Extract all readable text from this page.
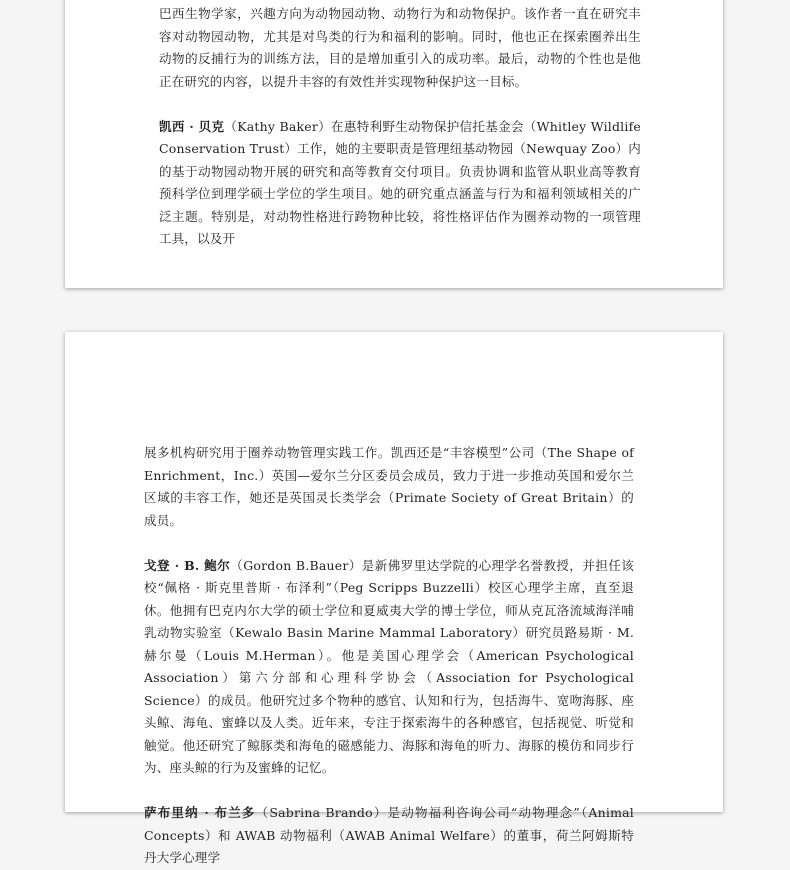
巴西生物学家，兴趣方向为动物园动物、动物行为和动物保护。该作者一直在研究丰容对动物园动物，尤其是对鸟类的行为和福利的影响。同时，他也正在探索圈养出生动物的反捕行为的训练方法，目的是增加重引入的成功率。最后，动物的个性也是他正在研究的内容，以提升丰容的有效性并实现物种保护这一目标。

凯西 · 贝克（Kathy Baker）在惠特利野生动物保护信托基金会（Whitley Wildlife Conservation Trust）工作，她的主要职责是管理纽基动物园（Newquay Zoo）内的基于动物园动物开展的研究和高等教育交付项目。负责协调和监管从职业高等教育预科学位到理学硕士学位的学生项目。她的研究重点涵盖与行为和福利领域相关的广泛主题。特别是，对动物性格进行跨物种比较，将性格评估作为圈养动物的一项管理工具，以及开

展多机构研究用于圈养动物管理实践工作。凯西还是“丰容模型”公司（The Shape of Enrichment，Inc.）英国—爱尔兰分区委员会成员，致力于进一步推动英国和爱尔兰区域的丰容工作，她还是英国灵长类学会（Primate Society of Great Britain）的成员。

戈登 · B. 鲍尔（Gordon B.Bauer）是新佛罗里达学院的心理学名誉教授，并担任该校“佩格 · 斯克里普斯 · 布泽利”（Peg Scripps Buzzelli）校区心理学主席，直至退休。他拥有巴克内尔大学的硕士学位和夏威夷大学的博士学位，师从克瓦洛流域海洋哺乳动物实验室（Kewalo Basin Marine Mammal Laboratory）研究员路易斯 · M. 赫尔曼（Louis M.Herman）。他是美国心理学会（American Psychological Association）第六分部和心理科学协会（Association for Psychological Science）的成员。他研究过多个物种的感官、认知和行为，包括海牛、宽吻海豚、座头鲸、海龟、蜜蜂以及人类。近年来，专注于探索海牛的各种感官，包括视觉、听觉和触觉。他还研究了鲸豚类和海龟的磁感能力、海豚和海龟的听力、海豚的模仿和同步行为、座头鲸的行为及蜜蜂的记忆。

萨布里纳 · 布兰多（Sabrina Brando）是动物福利咨询公司“动物理念”（Animal Concepts）和 AWAB 动物福利（AWAB Animal Welfare）的董事，荷兰阿姆斯特丹大学心理学
